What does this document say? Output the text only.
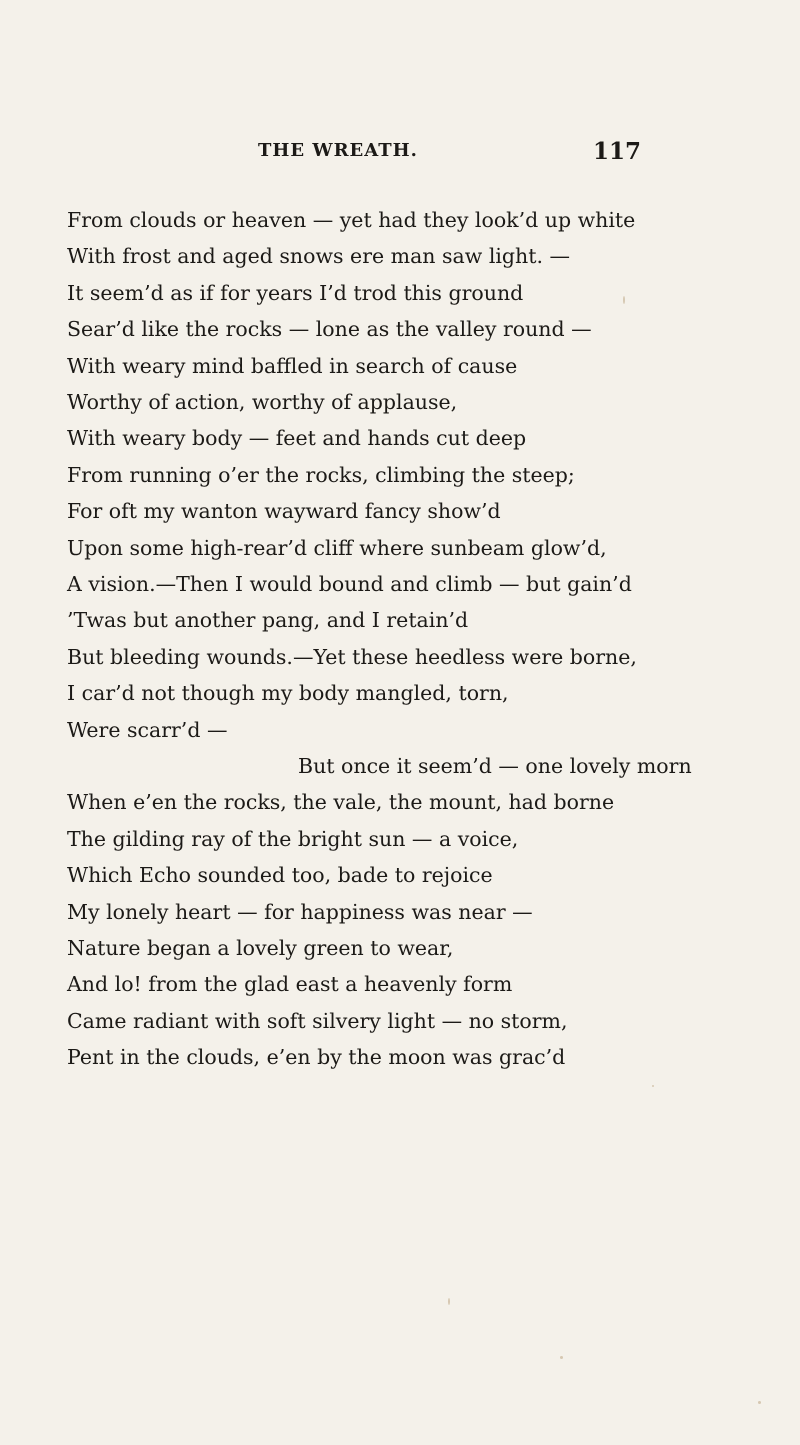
THE WREATH.	117
From clouds or heaven — yet had they look’d up white
With frost and aged snows ere man saw light. —
It seem’d as if for years I’d trod this ground
Sear’d like the rocks — lone as the valley round —
With weary mind baffled in search of cause
Worthy of action, worthy of applause,
With weary body — feet and hands cut deep
From running o’er the rocks, climbing the steep;
For oft my wanton wayward fancy show’d
Upon some high-rear’d cliff where sunbeam glow’d,
A vision.—Then I would bound and climb — but gain’d
’Twas but another pang, and I retain’d
But bleeding wounds.—Yet these heedless were borne,
I car’d not though my body mangled, torn,
Were scarr’d —
But once it seem’d — one lovely morn
When e’en the rocks, the vale, the mount, had borne
The gilding ray of the bright sun — a voice,
Which Echo sounded too, bade to rejoice
My lonely heart — for happiness was near —
Nature began a lovely green to wear,
And lo! from the glad east a heavenly form
Came radiant with soft silvery light — no storm,
Pent in the clouds, e’en by the moon was grac’d
